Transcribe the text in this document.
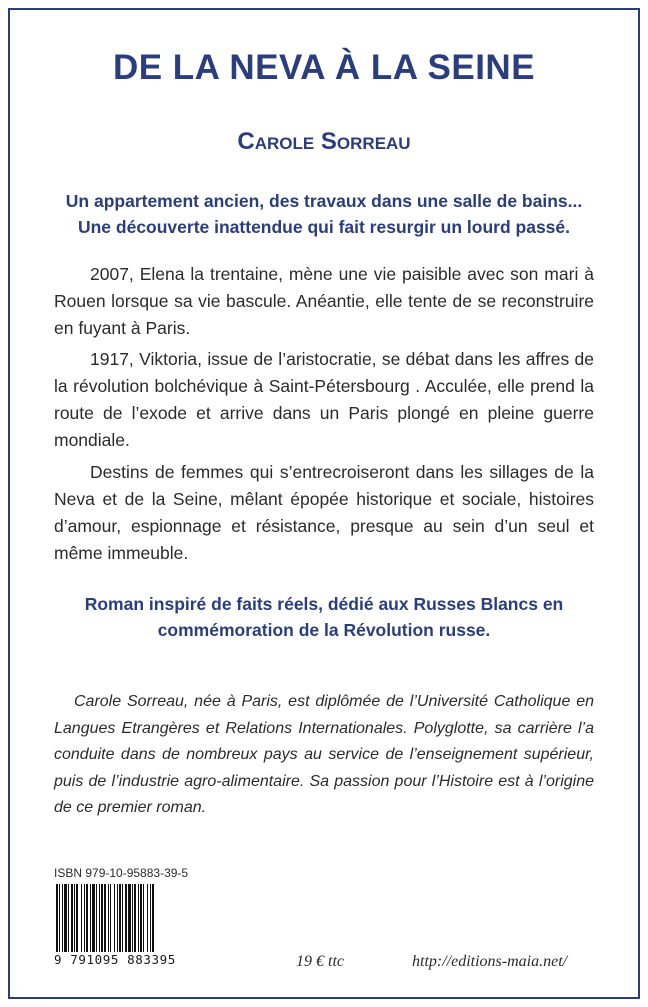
DE LA NEVA À LA SEINE
Carole Sorreau
Un appartement ancien, des travaux dans une salle de bains... Une découverte inattendue qui fait resurgir un lourd passé.
2007, Elena la trentaine, mène une vie paisible avec son mari à Rouen lorsque sa vie bascule. Anéantie, elle tente de se reconstruire en fuyant à Paris.
1917, Viktoria, issue de l’aristocratie, se débat dans les affres de la révolution bolchévique à Saint-Pétersbourg . Acculée, elle prend la route de l’exode et arrive dans un Paris plongé en pleine guerre mondiale.
Destins de femmes qui s’entrecroiseront dans les sillages de la Neva et de la Seine, mêlant épopée historique et sociale, histoires d’amour, espionnage et résistance, presque au sein d’un seul et même immeuble.
Roman inspiré de faits réels, dédié aux Russes Blancs en commémoration de la Révolution russe.
Carole Sorreau, née à Paris, est diplômée de l’Université Catholique en Langues Etrangères et Relations Internationales. Polyglotte, sa carrière l’a conduite dans de nombreux pays au service de l’enseignement supérieur, puis de l’industrie agro-alimentaire. Sa passion pour l’Histoire est à l’origine de ce premier roman.
ISBN 979-10-95883-39-5
9 791095 883395	19 € ttc	http://editions-maia.net/
